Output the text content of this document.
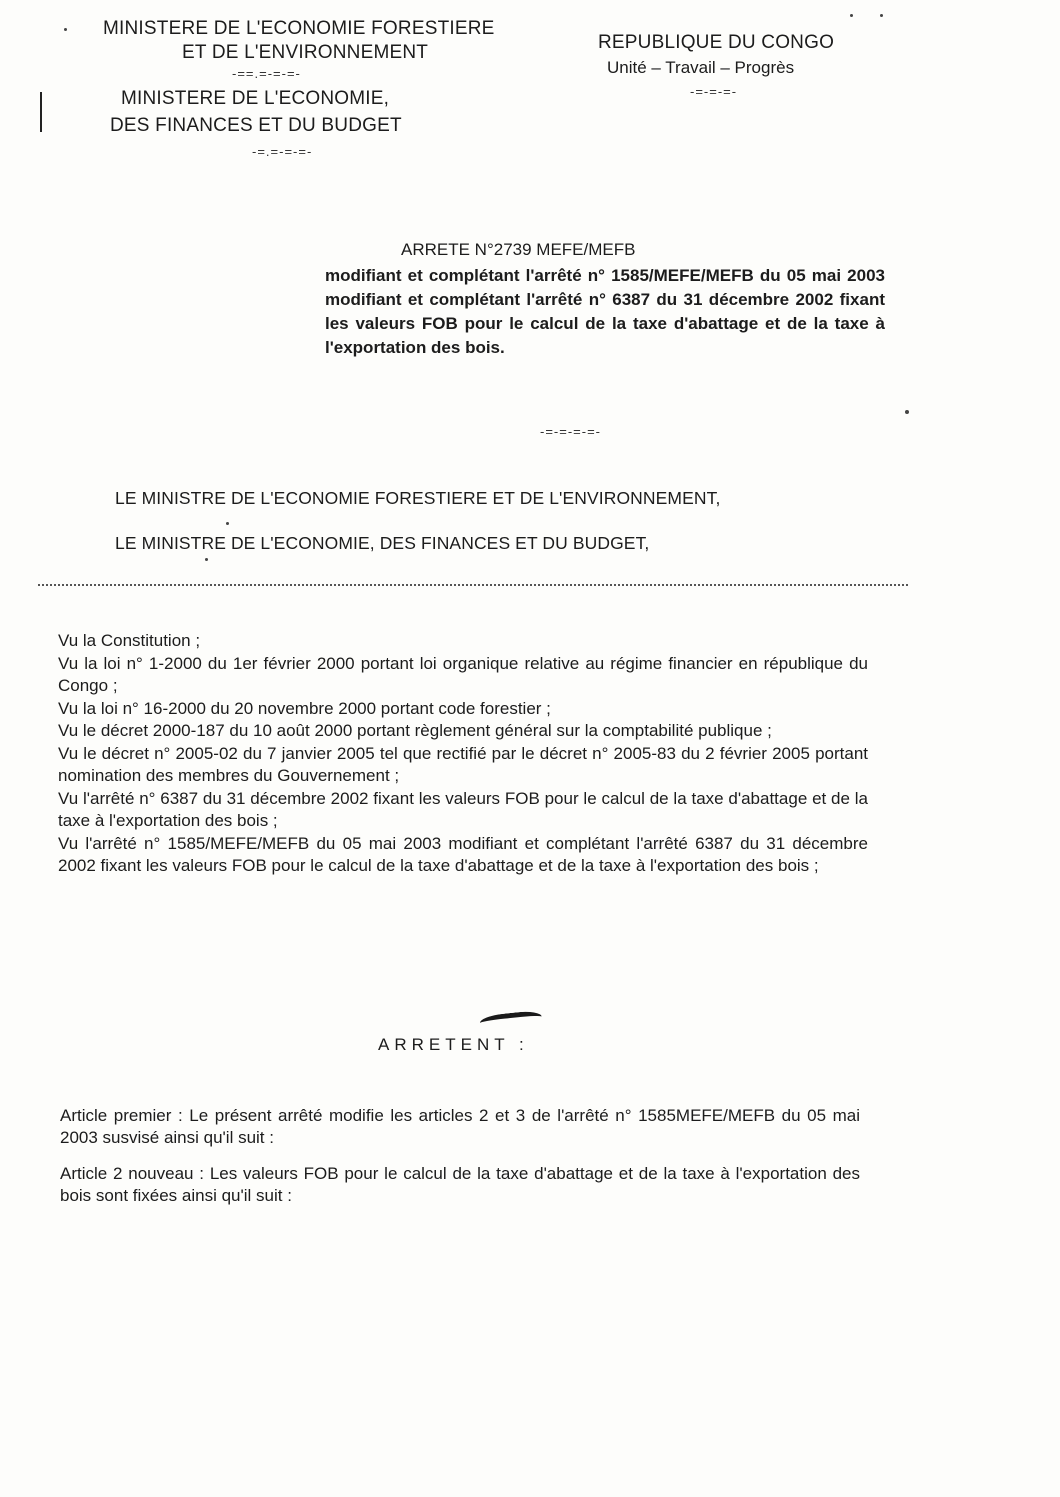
MINISTERE DE L'ECONOMIE FORESTIERE
ET DE L'ENVIRONNEMENT
-==.=-=-=-
MINISTERE DE L'ECONOMIE,
DES FINANCES ET DU BUDGET
-=.=-=-=-
REPUBLIQUE DU CONGO
Unité – Travail – Progrès
-=-=-=-
ARRETE N°2739 MEFE/MEFB
modifiant et complétant l'arrêté n° 1585/MEFE/MEFB du 05 mai 2003 modifiant et complétant l'arrêté n° 6387 du 31 décembre 2002 fixant les valeurs FOB pour le calcul de la taxe d'abattage et de la taxe à l'exportation des bois.
-=-=-=-=-
LE MINISTRE DE L'ECONOMIE FORESTIERE ET DE L'ENVIRONNEMENT,
LE MINISTRE DE L'ECONOMIE, DES FINANCES ET DU BUDGET,

Vu la Constitution ;

Vu la loi n° 1-2000 du 1er février 2000 portant loi organique relative au régime financier en république du Congo ;

Vu la loi n° 16-2000 du 20 novembre 2000 portant code forestier ;

Vu le décret 2000-187 du 10 août 2000 portant règlement général sur la comptabilité publique ;

Vu le décret n° 2005-02 du 7 janvier 2005 tel que rectifié par le décret n° 2005-83 du 2 février 2005 portant nomination des membres du Gouvernement ;

Vu l'arrêté n° 6387 du 31 décembre 2002 fixant les valeurs FOB pour le calcul de la taxe d'abattage et de la taxe à l'exportation des bois ;

Vu l'arrêté n° 1585/MEFE/MEFB du 05 mai 2003 modifiant et complétant l'arrêté 6387 du 31 décembre 2002 fixant les valeurs FOB pour le calcul de la taxe d'abattage et de la taxe à l'exportation des bois ;

ARRETENT :

Article premier : Le présent arrêté modifie les articles 2 et 3 de l'arrêté n° 1585MEFE/MEFB du 05 mai 2003 susvisé ainsi qu'il suit :

Article 2 nouveau : Les valeurs FOB pour le calcul de la taxe d'abattage et de la taxe à l'exportation des bois sont fixées ainsi qu'il suit :
